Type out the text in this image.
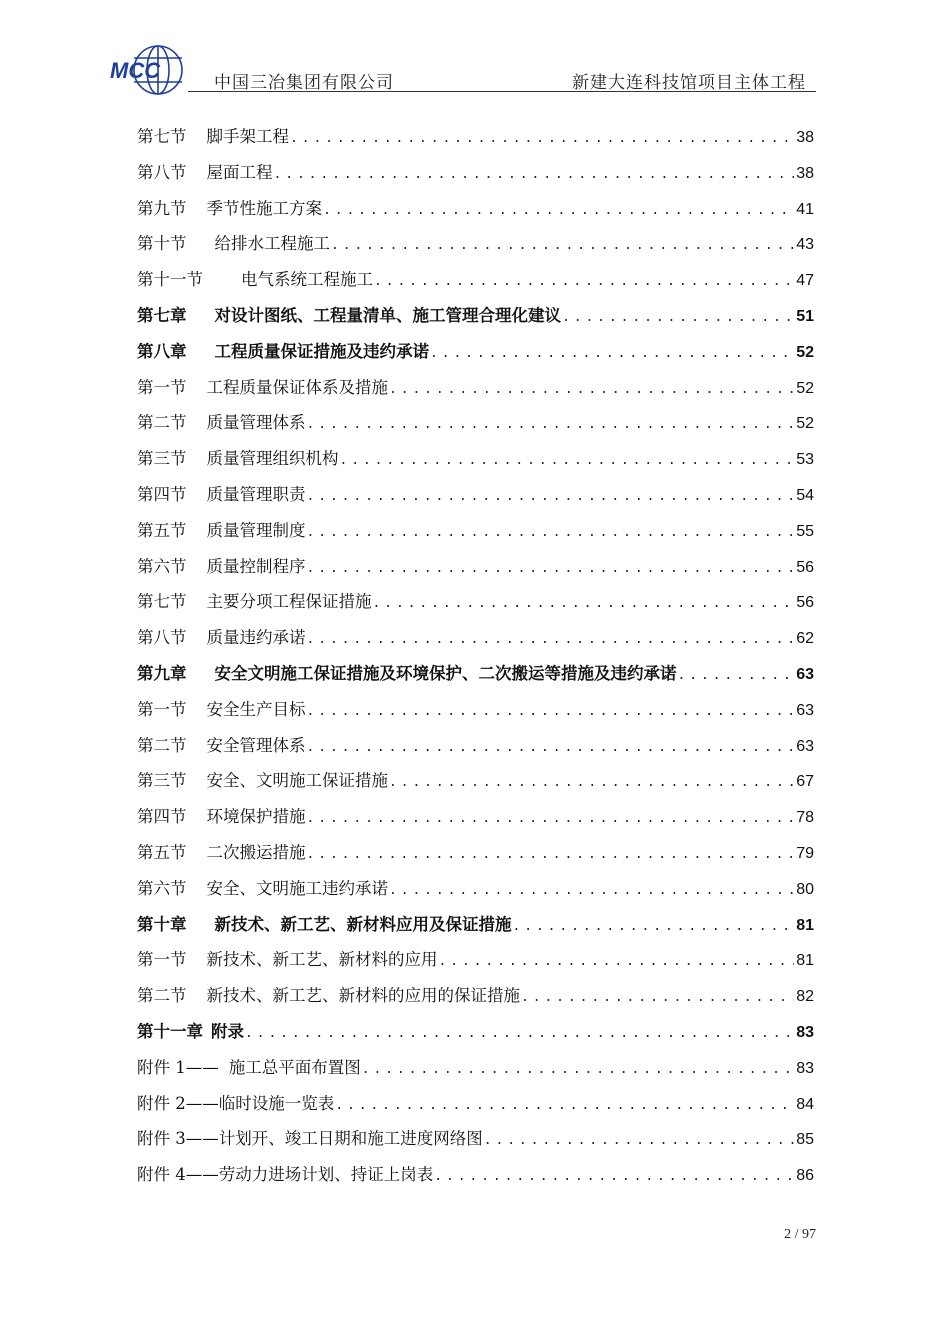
MCC	中国三冶集团有限公司	新建大连科技馆项目主体工程
第七节 脚手架工程 .....	38
第八节 屋面工程 .....	38
第九节 季节性施工方案 .....	41
第十节 给排水工程施工 .....	43
第十一节 电气系统工程施工 .....	47
第七章 对设计图纸、工程量清单、施工管理合理化建议 .....	51
第八章 工程质量保证措施及违约承诺 .....	52
第一节 工程质量保证体系及措施 .....	52
第二节 质量管理体系 .....	52
第三节 质量管理组织机构 .....	53
第四节 质量管理职责 .....	54
第五节 质量管理制度 .....	55
第六节 质量控制程序 .....	56
第七节 主要分项工程保证措施 .....	56
第八节 质量违约承诺 .....	62
第九章 安全文明施工保证措施及环境保护、二次搬运等措施及违约承诺 .....	63
第一节 安全生产目标 .....	63
第二节 安全管理体系 .....	63
第三节 安全、文明施工保证措施 .....	67
第四节 环境保护措施 .....	78
第五节 二次搬运措施 .....	79
第六节 安全、文明施工违约承诺 .....	80
第十章 新技术、新工艺、新材料应用及保证措施 .....	81
第一节 新技术、新工艺、新材料的应用 .....	81
第二节 新技术、新工艺、新材料的应用的保证措施 .....	82
第十一章 附录 .....	83
附件 1—— 施工总平面布置图 .....	83
附件 2—— 临时设施一览表 .....	84
附件 3—— 计划开、竣工日期和施工进度网络图 .....	85
附件 4—— 劳动力进场计划、持证上岗表 .....	86
2 / 97
